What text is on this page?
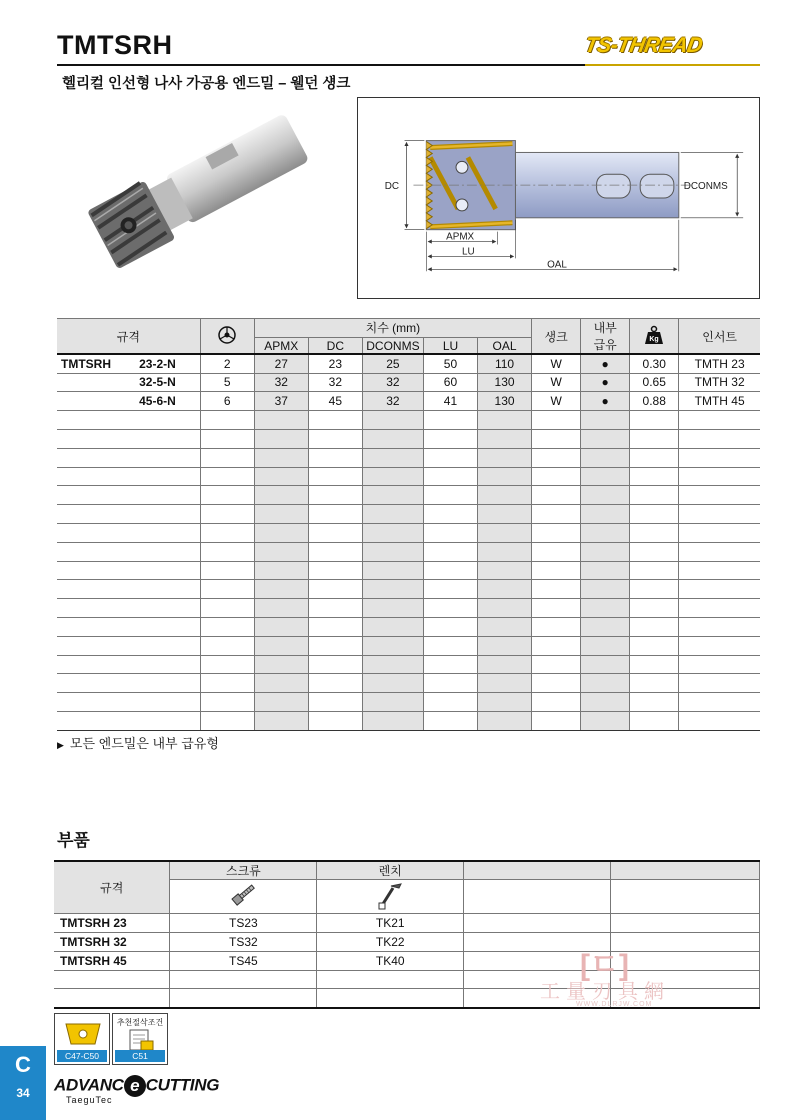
TMTSRH	TS-THREAD
헬리컬 인선형 나사 가공용 엔드밀 – 웰던 섕크
DC	DCONMS
APMX
LU
OAL
규격			치수 (mm)					생크	내부
급유	Kg	인서트
			APMX	DC	DCONMS	LU	OAL				
TMTSRH	23-2-N	2	27	23	25	50	110	W	●	0.30	TMTH 23
	32-5-N	5	32	32	32	60	130	W	●	0.65	TMTH 32
	45-6-N	6	37	45	32	41	130	W	●	0.88	TMTH 45

▶ 모든 엔드밀은 내부 급유형
부품
규격	스크류	렌치		

TMTSRH 23	TS23	TK21		
TMTSRH 32	TS32	TK22		
TMTSRH 45	TS45	TK40		

					[ㄷ]
工量刃具網
WWW.DLRJW.COM
C47-C50
추천절삭조건
C51
C
34	ADVANC e CUTTING
TaeguTec
